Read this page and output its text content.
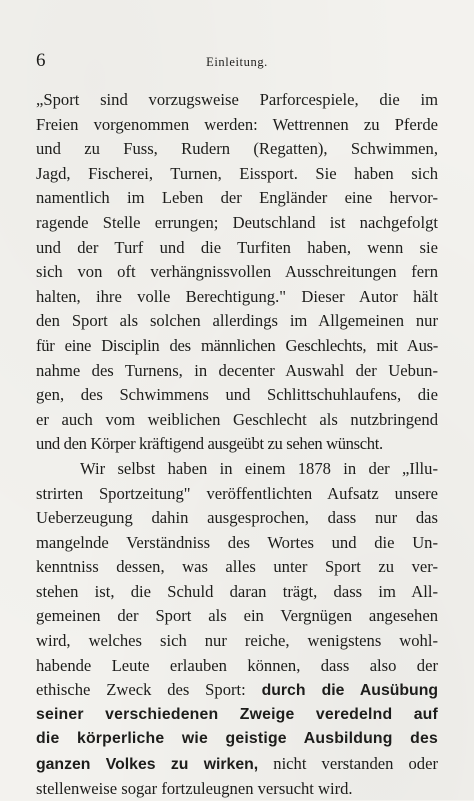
6	Einleitung.
„Sport sind vorzugsweise Parforcespiele, die im
Freien vorgenommen werden: Wettrennen zu Pferde
und zu Fuss, Rudern (Regatten), Schwimmen,
Jagd, Fischerei, Turnen, Eissport. Sie haben sich
namentlich im Leben der Engländer eine hervor-
ragende Stelle errungen; Deutschland ist nachgefolgt
und der Turf und die Turfiten haben, wenn sie
sich von oft verhängnissvollen Ausschreitungen fern
halten, ihre volle Berechtigung." Dieser Autor hält
den Sport als solchen allerdings im Allgemeinen nur
für eine Disciplin des männlichen Geschlechts, mit Aus-
nahme des Turnens, in decenter Auswahl der Uebun-
gen, des Schwimmens und Schlittschuhlaufens, die
er auch vom weiblichen Geschlecht als nutzbringend
und den Körper kräftigend ausgeübt zu sehen wünscht.
Wir selbst haben in einem 1878 in der „Illu-
strirten Sportzeitung" veröffentlichten Aufsatz unsere
Ueberzeugung dahin ausgesprochen, dass nur das
mangelnde Verständniss des Wortes und die Un-
kenntniss dessen, was alles unter Sport zu ver-
stehen ist, die Schuld daran trägt, dass im All-
gemeinen der Sport als ein Vergnügen angesehen
wird, welches sich nur reiche, wenigstens wohl-
habende Leute erlauben können, dass also der
ethische Zweck des Sport: durch die Ausübung
seiner verschiedenen Zweige veredelnd auf
die körperliche wie geistige Ausbildung des
ganzen Volkes zu wirken, nicht verstanden oder
stellenweise sogar fortzuleugnen versucht wird.
